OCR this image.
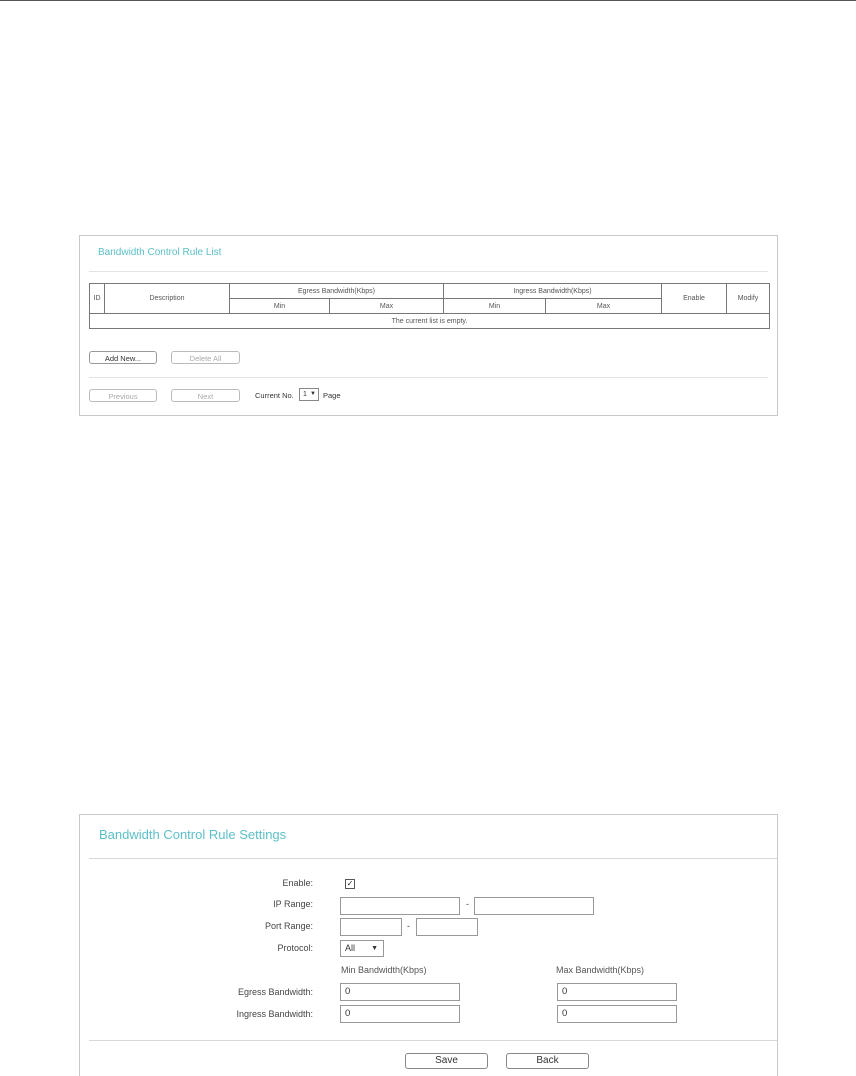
Bandwidth Control Rule List
ID	Description	Egress Bandwidth(Kbps)		Ingress Bandwidth(Kbps)		Enable	Modify
		Min	Max	Min	Max		
The current list is empty.							
Add New...	Delete All
Previous	Next	Current No.	1 ▼ Page
Bandwidth Control Rule Settings
Enable:	✓
IP Range:	-
Port Range:	-
Protocol:	All ▼
Min Bandwidth(Kbps)	Max Bandwidth(Kbps)
Egress Bandwidth:	0	0
Ingress Bandwidth:	0	0
Save	Back
